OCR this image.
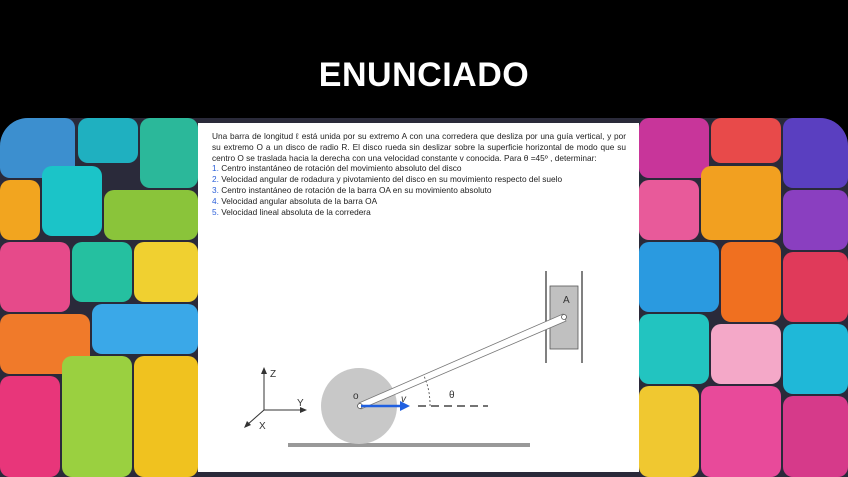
ENUNCIADO

Una barra de longitud ℓ está unida por su extremo A con una corredera que desliza por una guía vertical, y por su extremo O a un disco de radio R. El disco rueda sin deslizar sobre la superficie horizontal de modo que su centro O se traslada hacia la derecha con una velocidad constante v conocida. Para θ =45º , determinar:

1. Centro instantáneo de rotación del movimiento absoluto del disco
2. Velocidad angular de rodadura y pivotamiento del disco en su movimiento respecto del suelo
3. Centro instantáneo de rotación de la barra OA en su movimiento absoluto
4. Velocidad angular absoluta de la barra OA
5. Velocidad lineal absoluta de la corredera
A
o	v	θ
Z
Y
X
